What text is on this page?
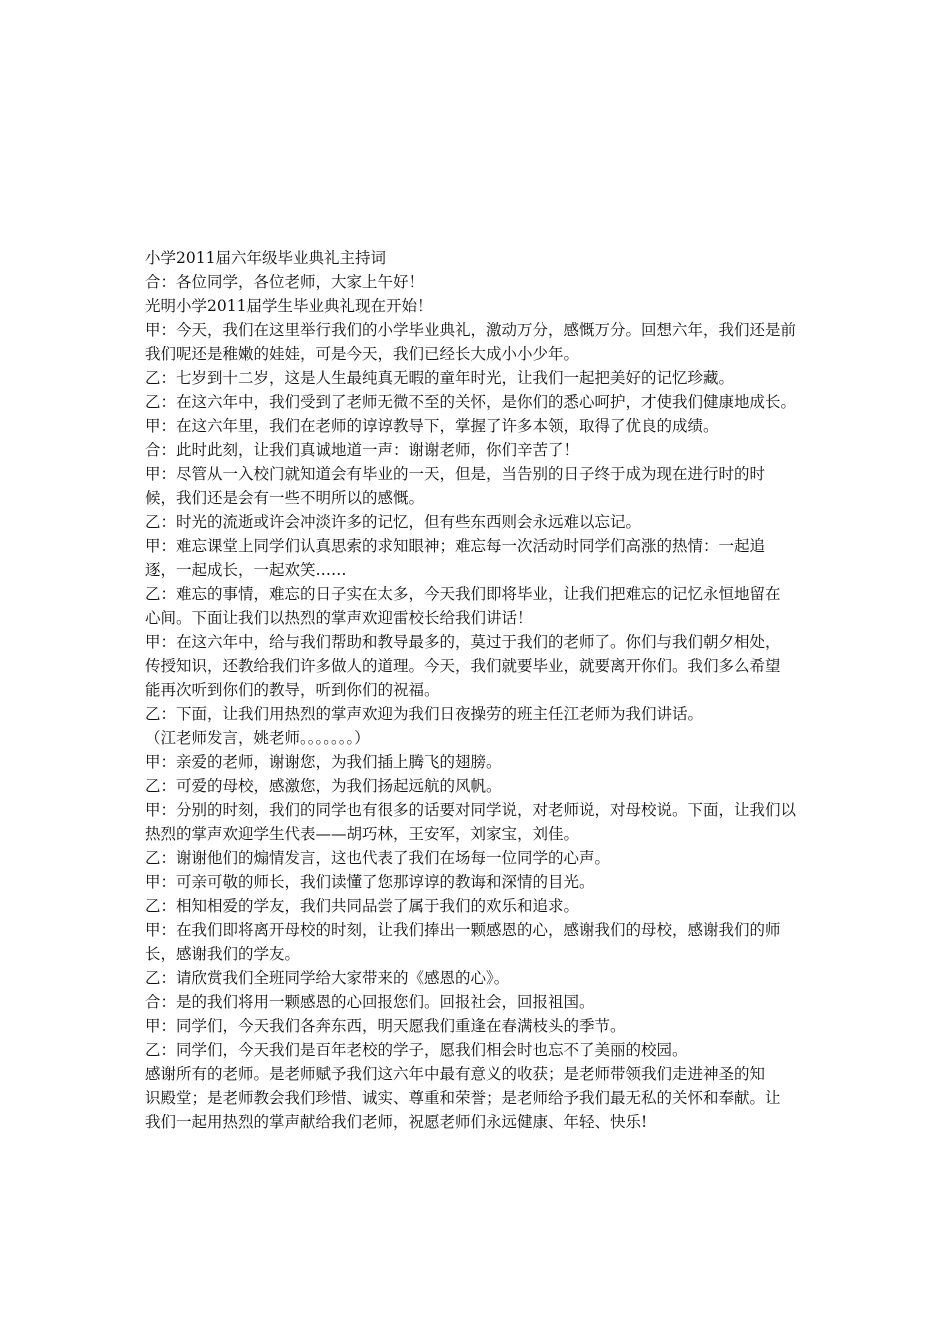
小学2011届六年级毕业典礼主持词
合：各位同学，各位老师，大家上午好！
光明小学2011届学生毕业典礼现在开始！
甲：今天，我们在这里举行我们的小学毕业典礼，激动万分，感慨万分。回想六年，我们还是前
我们呢还是稚嫩的娃娃，可是今天，我们已经长大成小小少年。
乙：七岁到十二岁，这是人生最纯真无暇的童年时光，让我们一起把美好的记忆珍藏。
乙：在这六年中，我们受到了老师无微不至的关怀，是你们的悉心呵护，才使我们健康地成长。
甲：在这六年里，我们在老师的谆谆教导下，掌握了许多本领，取得了优良的成绩。
合：此时此刻，让我们真诚地道一声：谢谢老师，你们辛苦了！
甲：尽管从一入校门就知道会有毕业的一天，但是，当告别的日子终于成为现在进行时的时
候，我们还是会有一些不明所以的感慨。
乙：时光的流逝或许会冲淡许多的记忆，但有些东西则会永远难以忘记。
甲：难忘课堂上同学们认真思索的求知眼神；难忘每一次活动时同学们高涨的热情：一起追
逐，一起成长，一起欢笑……
乙：难忘的事情，难忘的日子实在太多，今天我们即将毕业，让我们把难忘的记忆永恒地留在
心间。下面让我们以热烈的掌声欢迎雷校长给我们讲话！
甲：在这六年中，给与我们帮助和教导最多的，莫过于我们的老师了。你们与我们朝夕相处，
传授知识，还教给我们许多做人的道理。今天，我们就要毕业，就要离开你们。我们多么希望
能再次听到你们的教导，听到你们的祝福。
乙：下面，让我们用热烈的掌声欢迎为我们日夜操劳的班主任江老师为我们讲话。
（江老师发言，姚老师。。。。。。。）
甲：亲爱的老师，谢谢您，为我们插上腾飞的翅膀。
乙：可爱的母校，感激您，为我们扬起远航的风帆。
甲：分别的时刻，我们的同学也有很多的话要对同学说，对老师说，对母校说。下面，让我们以
热烈的掌声欢迎学生代表——胡巧林，王安军，刘家宝，刘佳。
乙：谢谢他们的煽情发言，这也代表了我们在场每一位同学的心声。
甲：可亲可敬的师长，我们读懂了您那谆谆的教诲和深情的目光。
乙：相知相爱的学友，我们共同品尝了属于我们的欢乐和追求。
甲：在我们即将离开母校的时刻，让我们捧出一颗感恩的心，感谢我们的母校，感谢我们的师
长，感谢我们的学友。
乙：请欣赏我们全班同学给大家带来的《感恩的心》。
合：是的我们将用一颗感恩的心回报您们。回报社会，回报祖国。
甲：同学们，今天我们各奔东西，明天愿我们重逢在春满枝头的季节。
乙：同学们，今天我们是百年老校的学子，愿我们相会时也忘不了美丽的校园。
感谢所有的老师。是老师赋予我们这六年中最有意义的收获；是老师带领我们走进神圣的知
识殿堂；是老师教会我们珍惜、诚实、尊重和荣誉；是老师给予我们最无私的关怀和奉献。让
我们一起用热烈的掌声献给我们老师，祝愿老师们永远健康、年轻、快乐!
